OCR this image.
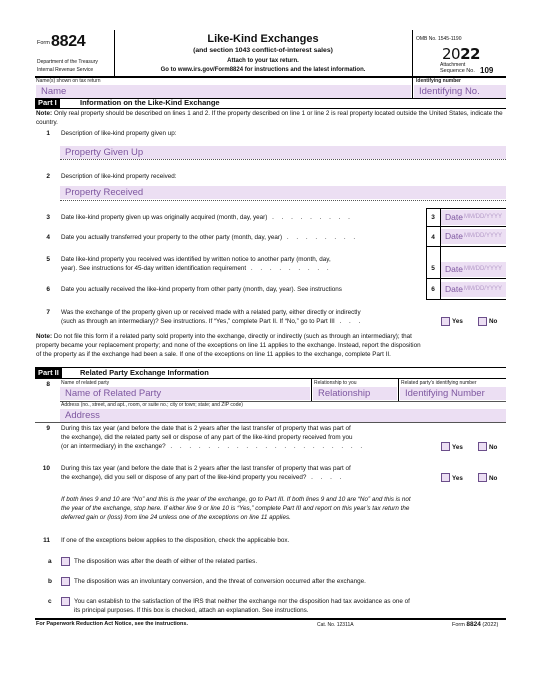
Form 8824
Department of the Treasury
Internal Revenue Service
Like-Kind Exchanges
(and section 1043 conflict-of-interest sales)
Attach to your tax return.
Go to www.irs.gov/Form8824 for instructions and the latest information.
OMB No. 1545-1190
2022
Attachment
Sequence No. 109
Name(s) shown on tax return	Identifying number
Name	Identifying No.
Part I	Information on the Like-Kind Exchange
Note: Only real property should be described on lines 1 and 2. If the property described on line 1 or line 2 is real property located outside the United States, indicate the country.
1 Description of like-kind property given up:
Property Given Up
2 Description of like-kind property received:
Property Received
3 Date like-kind property given up was originally acquired (month, day, year) . . . . . . . . .	3	Date MM/DD/YYYY
4 Date you actually transferred your property to the other party (month, day, year) . . . . . . . .	4	Date MM/DD/YYYY
5 Date like-kind property you received was identified by written notice to another party (month, day,
year). See instructions for 45-day written identification requirement . . . . . . . . .	5	Date MM/DD/YYYY
6 Date you actually received the like-kind property from other party (month, day, year). See instructions	6	Date MM/DD/YYYY
7 Was the exchange of the property given up or received made with a related party, either directly or indirectly
(such as through an intermediary)? See instructions. If “Yes,” complete Part II. If “No,” go to Part III . . .	Yes	No
Note: Do not file this form if a related party sold property into the exchange, directly or indirectly (such as through an intermediary); that
property became your replacement property; and none of the exceptions on line 11 applies to the exchange. Instead, report the disposition
of the property as if the exchange had been a sale. If one of the exceptions on line 11 applies to the exchange, complete Part II.
Part II	Related Party Exchange Information
8 Name of related party	Relationship to you	Related party’s identifying number
Name of Related Party	Relationship	Identifying Number
Address (no., street, and apt., room, or suite no.; city or town; state; and ZIP code)
Address
9 During this tax year (and before the date that is 2 years after the last transfer of property that was part of
the exchange), did the related party sell or dispose of any part of the like-kind property received from you
(or an intermediary) in the exchange? . . . . . . . . . . . . . . . . . . . . .	Yes	No
10 During this tax year (and before the date that is 2 years after the last transfer of property that was part of
the exchange), did you sell or dispose of any part of the like-kind property you received? . . . .	Yes	No
If both lines 9 and 10 are “No” and this is the year of the exchange, go to Part III. If both lines 9 and 10 are “No” and this is not
the year of the exchange, stop here. If either line 9 or line 10 is “Yes,” complete Part III and report on this year’s tax return the
deferred gain or (loss) from line 24 unless one of the exceptions on line 11 applies.
11 If one of the exceptions below applies to the disposition, check the applicable box.
a	The disposition was after the death of either of the related parties.
b	The disposition was an involuntary conversion, and the threat of conversion occurred after the exchange.
c	You can establish to the satisfaction of the IRS that neither the exchange nor the disposition had tax avoidance as one of
its principal purposes. If this box is checked, attach an explanation. See instructions.
For Paperwork Reduction Act Notice, see the instructions.	Cat. No. 12311A	Form 8824 (2022)
